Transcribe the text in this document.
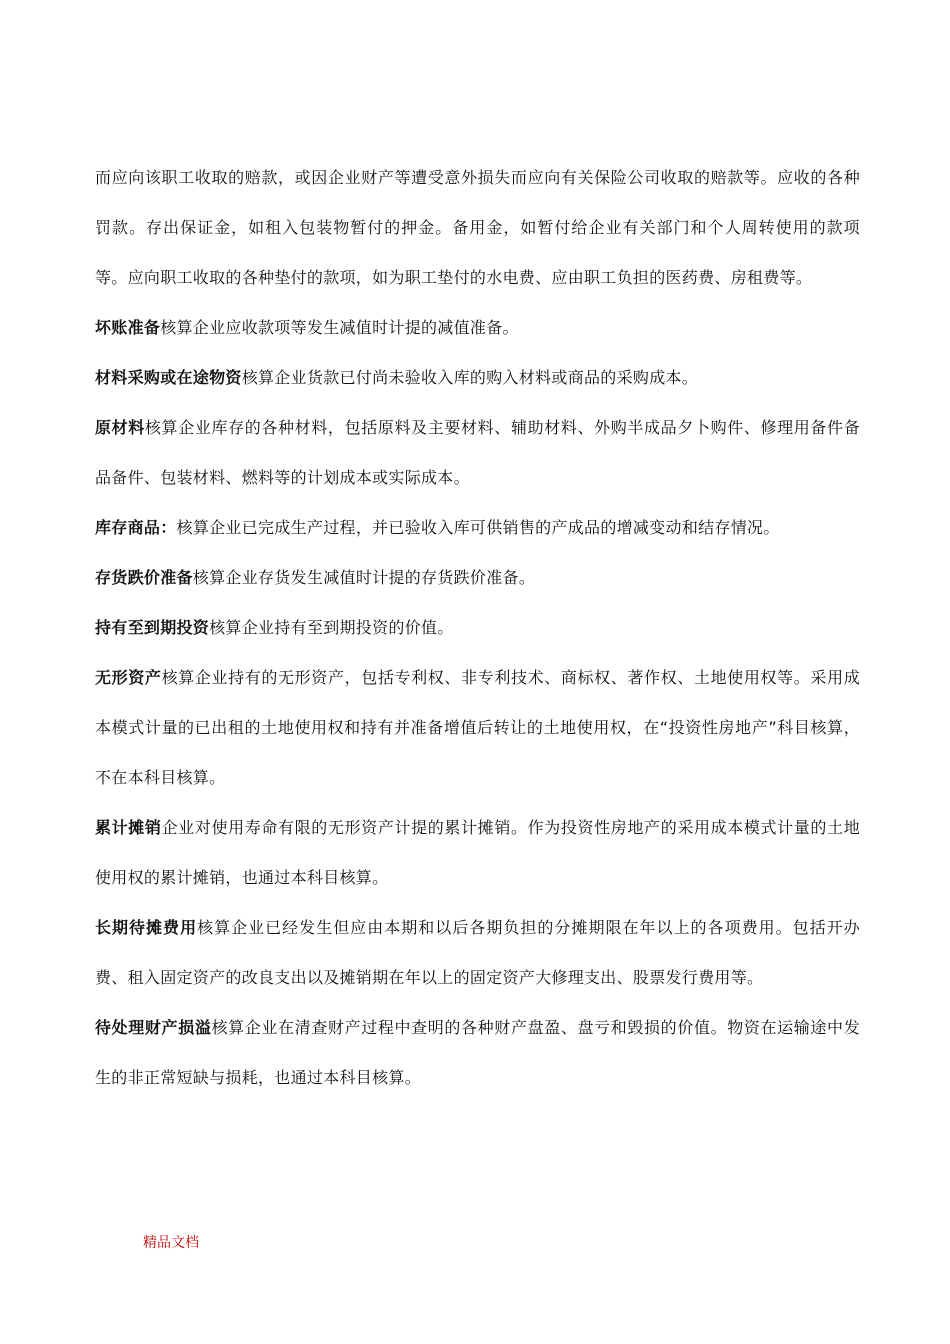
而应向该职工收取的赔款，或因企业财产等遭受意外损失而应向有关保险公司收取的赔款等。应收的各种罚款。存出保证金，如租入包装物暂付的押金。备用金，如暂付给企业有关部门和个人周转使用的款项等。应向职工收取的各种垫付的款项，如为职工垫付的水电费、应由职工负担的医药费、房租费等。

坏账准备核算企业应收款项等发生减值时计提的减值准备。

材料采购或在途物资核算企业货款已付尚未验收入库的购入材料或商品的采购成本。

原材料核算企业库存的各种材料，包括原料及主要材料、辅助材料、外购半成品夕卜购件、修理用备件备品备件、包装材料、燃料等的计划成本或实际成本。

库存商品：核算企业已完成生产过程，并已验收入库可供销售的产成品的增减变动和结存情况。

存货跌价准备核算企业存货发生减值时计提的存货跌价准备。

持有至到期投资核算企业持有至到期投资的价值。

无形资产核算企业持有的无形资产，包括专利权、非专利技术、商标权、著作权、土地使用权等。采用成本模式计量的已出租的土地使用权和持有并准备增值后转让的土地使用权，在“投资性房地产”科目核算，不在本科目核算。

累计摊销企业对使用寿命有限的无形资产计提的累计摊销。作为投资性房地产的采用成本模式计量的土地使用权的累计摊销，也通过本科目核算。

长期待摊费用核算企业已经发生但应由本期和以后各期负担的分摊期限在年以上的各项费用。包括开办费、租入固定资产的改良支出以及摊销期在年以上的固定资产大修理支出、股票发行费用等。

待处理财产损溢核算企业在清查财产过程中查明的各种财产盘盈、盘亏和毁损的价值。物资在运输途中发生的非正常短缺与损耗，也通过本科目核算。

精品文档
